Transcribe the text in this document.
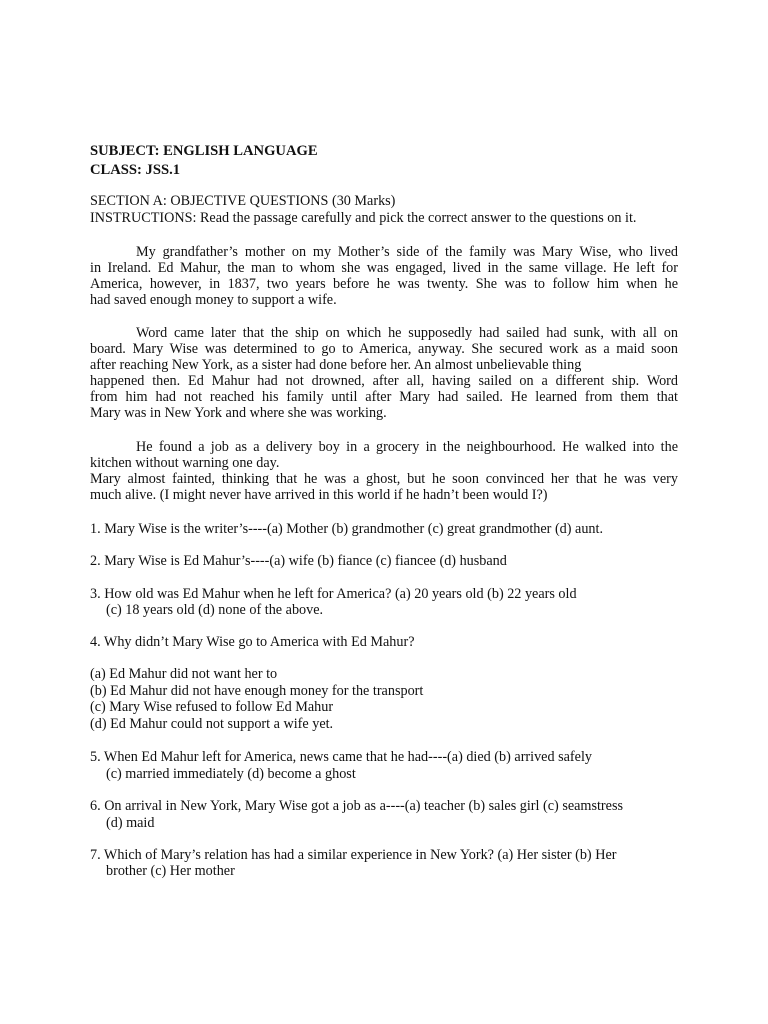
SUBJECT: ENGLISH LANGUAGE
CLASS: JSS.1
SECTION A: OBJECTIVE QUESTIONS (30 Marks)
INSTRUCTIONS: Read the passage carefully and pick the correct answer to the questions on it.
My grandfather’s mother on my Mother’s side of the family was Mary Wise, who lived
in Ireland. Ed Mahur, the man to whom she was engaged, lived in the same village. He left for
America, however, in 1837, two years before he was twenty. She was to follow him when he
had saved enough money to support a wife.
Word came later that the ship on which he supposedly had sailed had sunk, with all on
board. Mary Wise was determined to go to America, anyway. She secured work as a maid soon
after reaching New York, as a sister had done before her. An almost unbelievable thing
happened then. Ed Mahur had not drowned, after all, having sailed on a different ship. Word
from him had not reached his family until after Mary had sailed. He learned from them that
Mary was in New York and where she was working.
He found a job as a delivery boy in a grocery in the neighbourhood. He walked into the
kitchen without warning one day.
Mary almost fainted, thinking that he was a ghost, but he soon convinced her that he was very
much alive. (I might never have arrived in this world if he hadn’t been would I?)
1. Mary Wise is the writer’s----(a) Mother (b) grandmother (c) great grandmother (d) aunt.
2. Mary Wise is Ed Mahur’s----(a) wife (b) fiance (c) fiancee (d) husband
3. How old was Ed Mahur when he left for America? (a) 20 years old (b) 22 years old
(c) 18 years old (d) none of the above.
4. Why didn’t Mary Wise go to America with Ed Mahur?
(a) Ed Mahur did not want her to
(b) Ed Mahur did not have enough money for the transport
(c) Mary Wise refused to follow Ed Mahur
(d) Ed Mahur could not support a wife yet.
5. When Ed Mahur left for America, news came that he had----(a) died (b) arrived safely
(c) married immediately (d) become a ghost
6. On arrival in New York, Mary Wise got a job as a----(a) teacher (b) sales girl (c) seamstress
(d) maid
7. Which of Mary’s relation has had a similar experience in New York? (a) Her sister (b) Her
brother (c) Her mother
